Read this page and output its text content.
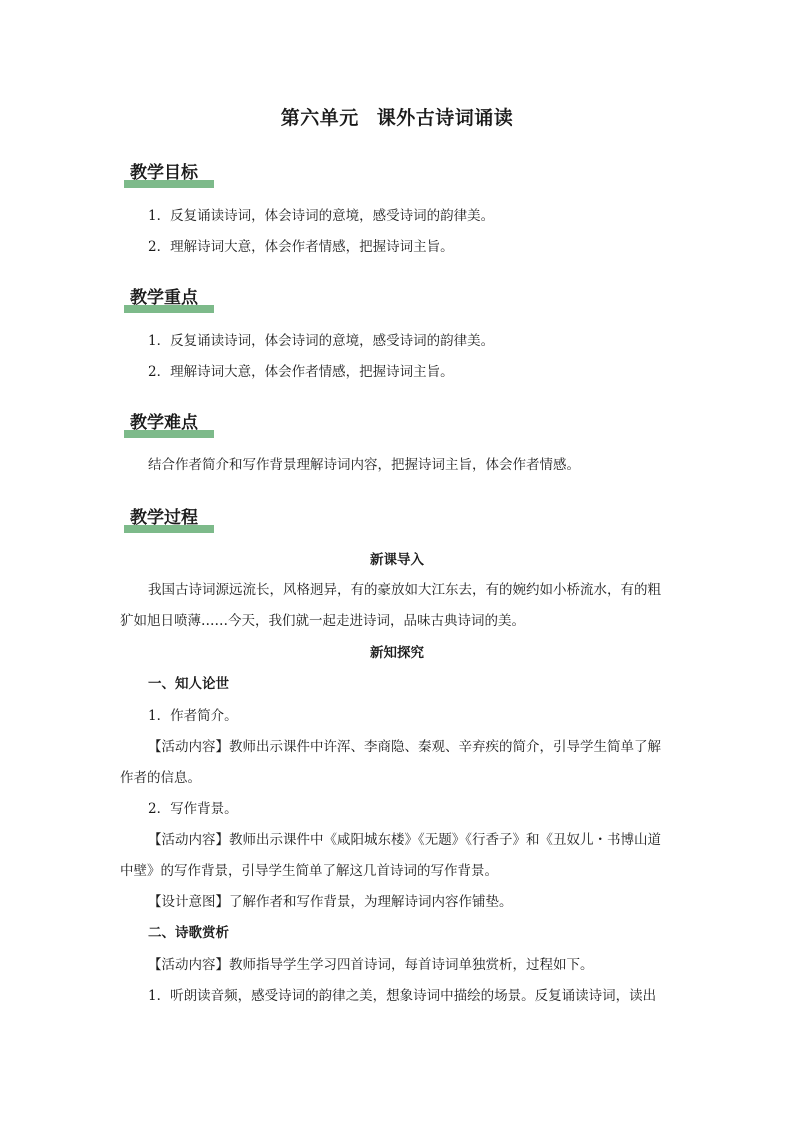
第六单元 课外古诗词诵读
教学目标

1．反复诵读诗词，体会诗词的意境，感受诗词的韵律美。

2．理解诗词大意，体会作者情感，把握诗词主旨。

教学重点

1．反复诵读诗词，体会诗词的意境，感受诗词的韵律美。

2．理解诗词大意，体会作者情感，把握诗词主旨。

教学难点

结合作者简介和写作背景理解诗词内容，把握诗词主旨，体会作者情感。

教学过程

新课导入

我国古诗词源远流长，风格迥异，有的豪放如大江东去，有的婉约如小桥流水，有的粗

犷如旭日喷薄……今天，我们就一起走进诗词，品味古典诗词的美。

新知探究

一、知人论世

1．作者简介。

【活动内容】教师出示课件中许浑、李商隐、秦观、辛弃疾的简介，引导学生简单了解

作者的信息。

2．写作背景。

【活动内容】教师出示课件中《咸阳城东楼》《无题》《行香子》和《丑奴儿・书博山道

中壁》的写作背景，引导学生简单了解这几首诗词的写作背景。

【设计意图】了解作者和写作背景，为理解诗词内容作铺垫。

二、诗歌赏析

【活动内容】教师指导学生学习四首诗词，每首诗词单独赏析，过程如下。

1．听朗读音频，感受诗词的韵律之美，想象诗词中描绘的场景。反复诵读诗词，读出
